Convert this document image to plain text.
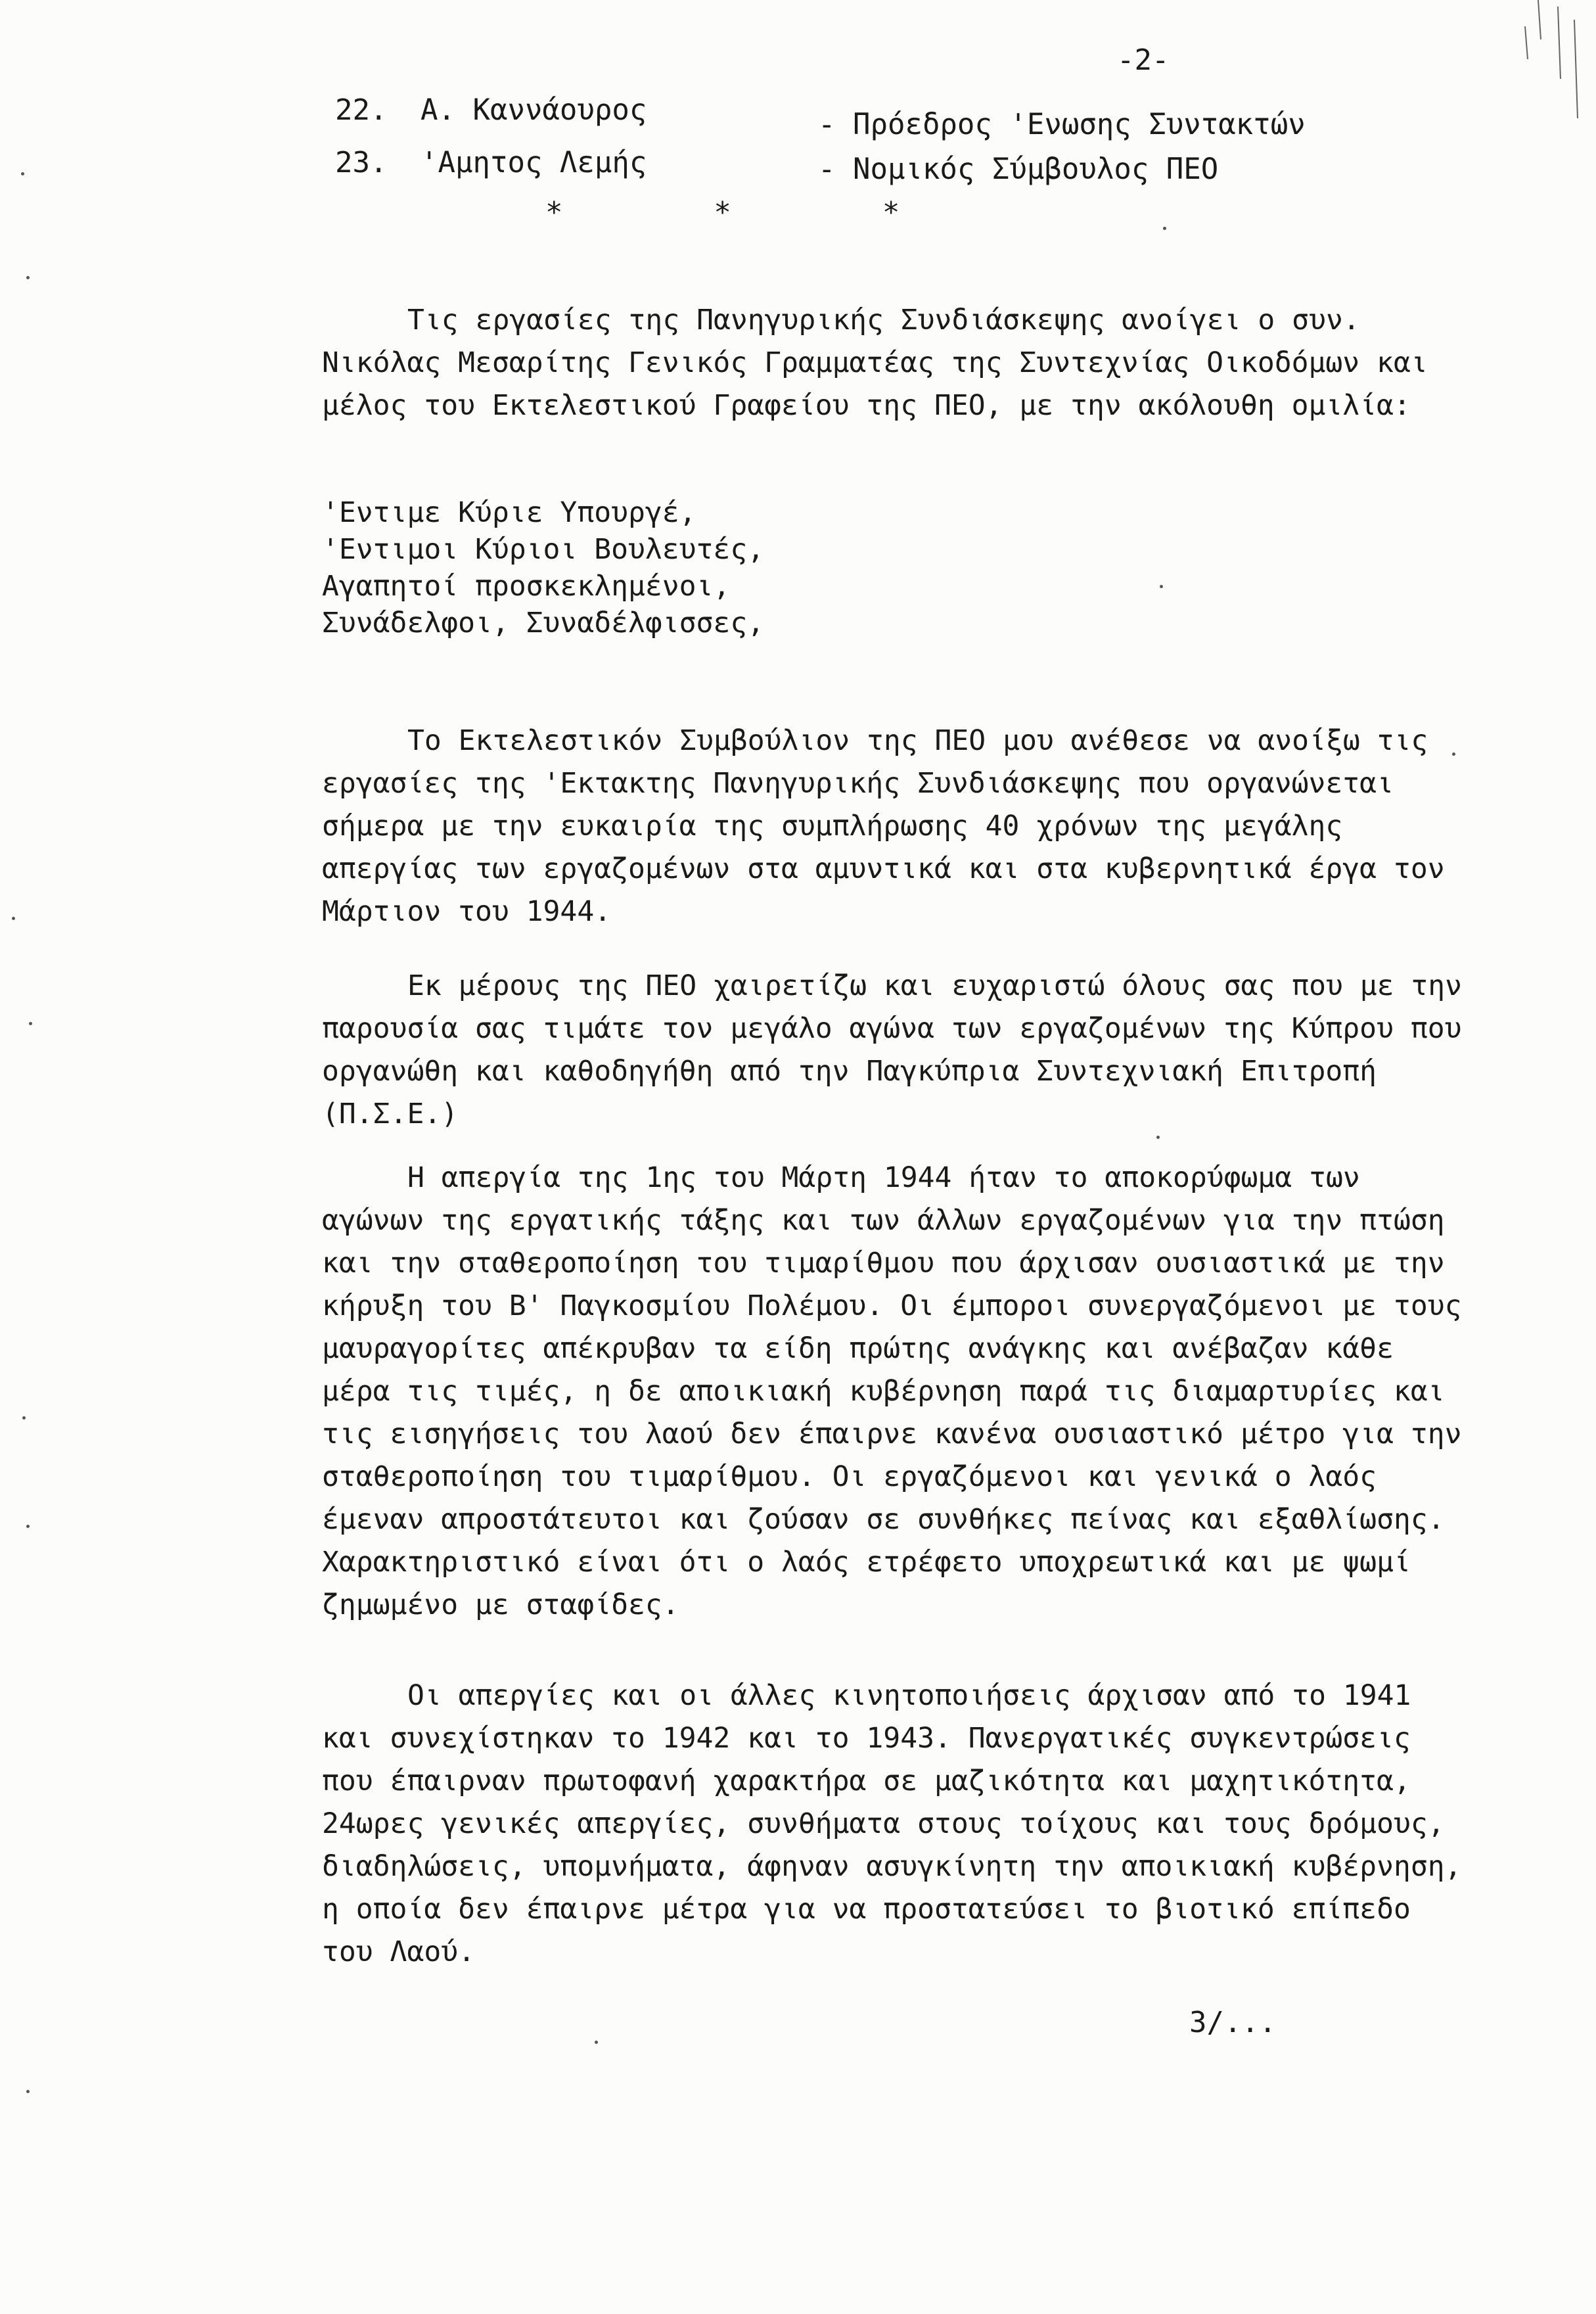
-2-
22. Α. Καννάουρος	- Πρόεδρος 'Ενωσης Συντακτών
23. 'Αμητος Λεμής	- Νομικός Σύμβουλος ΠΕΟ
*        *        *

Τις εργασίες της Πανηγυρικής Συνδιάσκεψης ανοίγει ο συν. Νικόλας Μεσαρίτης Γενικός Γραμματέας της Συντεχνίας Οικοδόμων και μέλος του Εκτελεστικού Γραφείου της ΠΕΟ, με την ακόλουθη ομιλία:

'Εντιμε Κύριε Υπουργέ,
'Εντιμοι Κύριοι Βουλευτές,
Αγαπητοί προσκεκλημένοι,
Συνάδελφοι, Συναδέλφισσες,

Το Εκτελεστικόν Συμβούλιον της ΠΕΟ μου ανέθεσε να ανοίξω τις εργασίες της 'Εκτακτης Πανηγυρικής Συνδιάσκεψης που οργανώνεται σήμερα με την ευκαιρία της συμπλήρωσης 40 χρόνων της μεγάλης απεργίας των εργαζομένων στα αμυντικά και στα κυβερνητικά έργα τον Μάρτιον του 1944.

Εκ μέρους της ΠΕΟ χαιρετίζω και ευχαριστώ όλους σας που με την παρουσία σας τιμάτε τον μεγάλο αγώνα των εργαζομένων της Κύπρου που οργανώθη και καθοδηγήθη από την Παγκύπρια Συντεχνιακή Επιτροπή (Π.Σ.Ε.)

Η απεργία της 1ης του Μάρτη 1944 ήταν το αποκορύφωμα των αγώνων της εργατικής τάξης και των άλλων εργαζομένων για την πτώση και την σταθεροποίηση του τιμαρίθμου που άρχισαν ουσιαστικά με την κήρυξη του Β' Παγκοσμίου Πολέμου. Οι έμποροι συνεργαζόμενοι με τους μαυραγορίτες απέκρυβαν τα είδη πρώτης ανάγκης και ανέβαζαν κάθε μέρα τις τιμές, η δε αποικιακή κυβέρνηση παρά τις διαμαρτυρίες και τις εισηγήσεις του λαού δεν έπαιρνε κανένα ουσιαστικό μέτρο για την σταθεροποίηση του τιμαρίθμου. Οι εργαζόμενοι και γενικά ο λαός έμεναν απροστάτευτοι και ζούσαν σε συνθήκες πείνας και εξαθλίωσης. Χαρακτηριστικό είναι ότι ο λαός ετρέφετο υποχρεωτικά και με ψωμί ζημωμένο με σταφίδες.

Οι απεργίες και οι άλλες κινητοποιήσεις άρχισαν από το 1941 και συνεχίστηκαν το 1942 και το 1943. Πανεργατικές συγκεντρώσεις που έπαιρναν πρωτοφανή χαρακτήρα σε μαζικότητα και μαχητικότητα, 24ωρες γενικές απεργίες, συνθήματα στους τοίχους και τους δρόμους, διαδηλώσεις, υπομνήματα, άφηναν ασυγκίνητη την αποικιακή κυβέρνηση, η οποία δεν έπαιρνε μέτρα για να προστατεύσει το βιοτικό επίπεδο του Λαού.

3/...
